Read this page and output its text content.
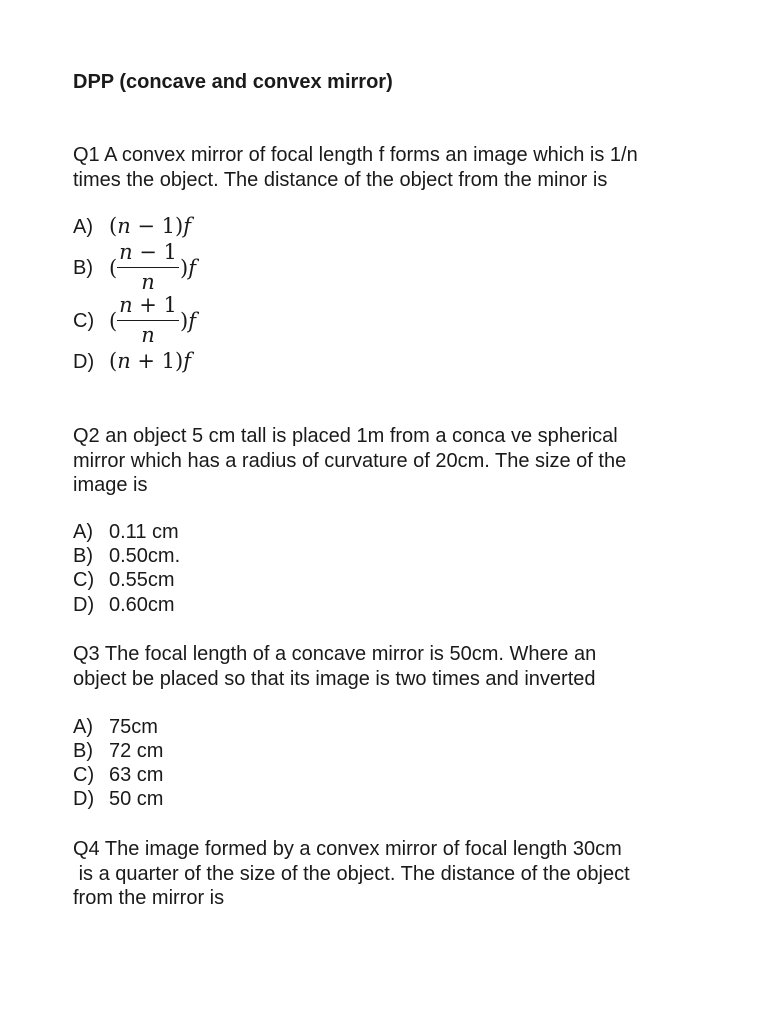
DPP (concave and convex mirror)
Q1 A convex mirror of focal length f forms an image which is 1/n
times the object. The distance of the object from the minor is
A) (n − 1)f
B) (
n − 1
n
)f
C) (
n + 1
n
)f
D) (n + 1)f
Q2 an object 5 cm tall is placed 1m from a conca ve spherical
mirror which has a radius of curvature of 20cm. The size of the
image is
A) 0.11 cm
B) 0.50cm.
C) 0.55cm
D) 0.60cm
Q3 The focal length of a concave mirror is 50cm. Where an
object be placed so that its image is two times and inverted
A) 75cm
B) 72 cm
C) 63 cm
D) 50 cm
Q4 The image formed by a convex mirror of focal length 30cm
is a quarter of the size of the object. The distance of the object
from the mirror is
